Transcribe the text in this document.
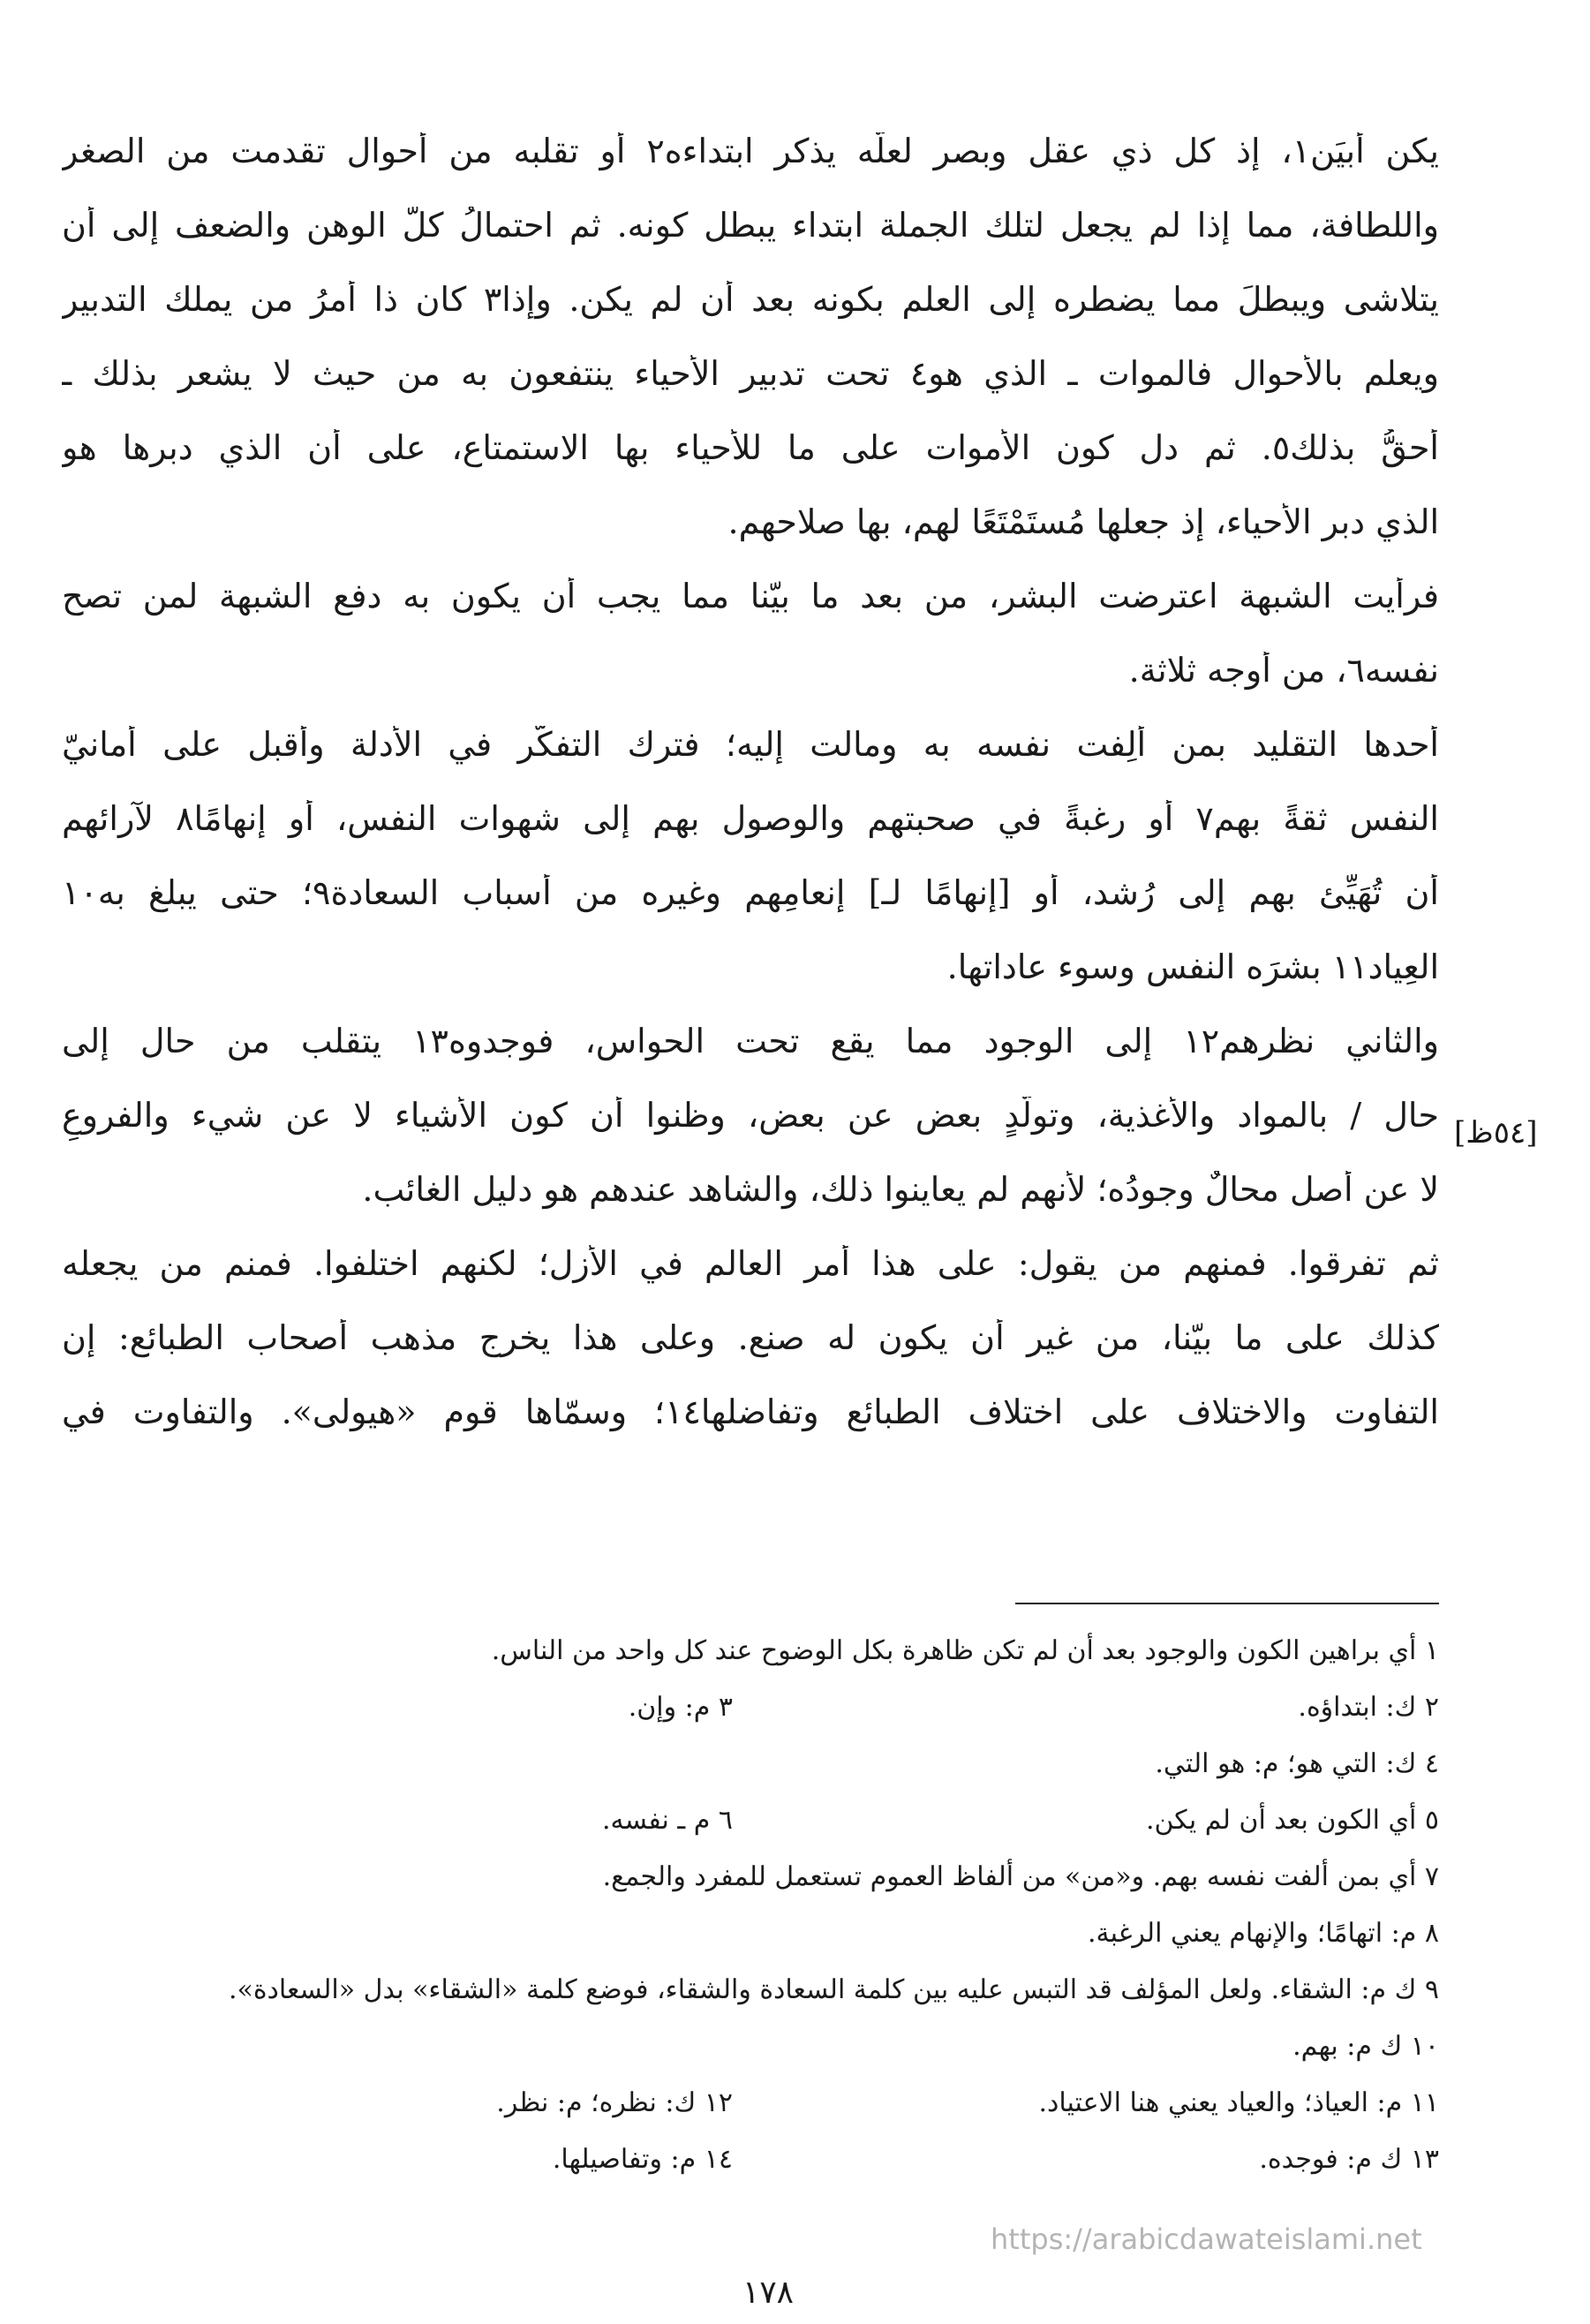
يكن أبيَن١، إذ كل ذي عقل وبصر لعلّه يذكر ابتداءه٢ أو تقلبه من أحوال تقدمت من الصغر
واللطافة، مما إذا لم يجعل لتلك الجملة ابتداء يبطل كونه. ثم احتمالُ كلّ الوهن والضعف إلى أن
يتلاشى ويبطلَ مما يضطره إلى العلم بكونه بعد أن لم يكن. وإذا٣ كان ذا أمرُ من يملك التدبير
ويعلم بالأحوال فالموات ـ الذي هو٤ تحت تدبير الأحياء ينتفعون به من حيث لا يشعر بذلك ـ
أحقُّ بذلك٥. ثم دل كون الأموات على ما للأحياء بها الاستمتاع، على أن الذي دبرها هو
الذي دبر الأحياء، إذ جعلها مُستَمْتَعًا لهم، بها صلاحهم.
فرأيت الشبهة اعترضت البشر، من بعد ما بيّنا مما يجب أن يكون به دفع الشبهة لمن تصح
نفسه٦، من أوجه ثلاثة.
أحدها التقليد بمن ألِفت نفسه به ومالت إليه؛ فترك التفكّر في الأدلة وأقبل على أمانيّ
النفس ثقةً بهم٧ أو رغبةً في صحبتهم والوصول بهم إلى شهوات النفس، أو إنهامًا٨ لآرائهم
أن تُهَيِّئ بهم إلى رُشد، أو [إنهامًا لـ] إنعامِهم وغيره من أسباب السعادة٩؛ حتى يبلغ به١٠
العِياد١١ بشرَه النفس وسوء عاداتها.
والثاني نظرهم١٢ إلى الوجود مما يقع تحت الحواس، فوجدوه١٣ يتقلب من حال إلى
حال / بالمواد والأغذية، وتولّدٍ بعض عن بعض، وظنوا أن كون الأشياء لا عن شيء والفروعِ
لا عن أصل محالٌ وجودُه؛ لأنهم لم يعاينوا ذلك، والشاهد عندهم هو دليل الغائب.
ثم تفرقوا. فمنهم من يقول: على هذا أمر العالم في الأزل؛ لكنهم اختلفوا. فمنم من يجعله
كذلك على ما بيّنا، من غير أن يكون له صنع. وعلى هذا يخرج مذهب أصحاب الطبائع: إن
التفاوت والاختلاف على اختلاف الطبائع وتفاضلها١٤؛ وسمّاها قوم «هيولى». والتفاوت في
[٥٤ظ]
١ أي براهين الكون والوجود بعد أن لم تكن ظاهرة بكل الوضوح عند كل واحد من الناس.
٢ ك: ابتداؤه.
٣ م: وإن.
٤ ك: التي هو؛ م: هو التي.
٥ أي الكون بعد أن لم يكن.
٦ م ـ نفسه.
٧ أي بمن ألفت نفسه بهم. و«من» من ألفاظ العموم تستعمل للمفرد والجمع.
٨ م: اتهامًا؛ والإنهام يعني الرغبة.
٩ ك م: الشقاء. ولعل المؤلف قد التبس عليه بين كلمة السعادة والشقاء، فوضع كلمة «الشقاء» بدل «السعادة».
١٠ ك م: بهم.
١١ م: العياذ؛ والعياد يعني هنا الاعتياد.
١٢ ك: نظره؛ م: نظر.
١٣ ك م: فوجده.
١٤ م: وتفاصيلها.
https://arabicdawateislami.net
١٧٨
